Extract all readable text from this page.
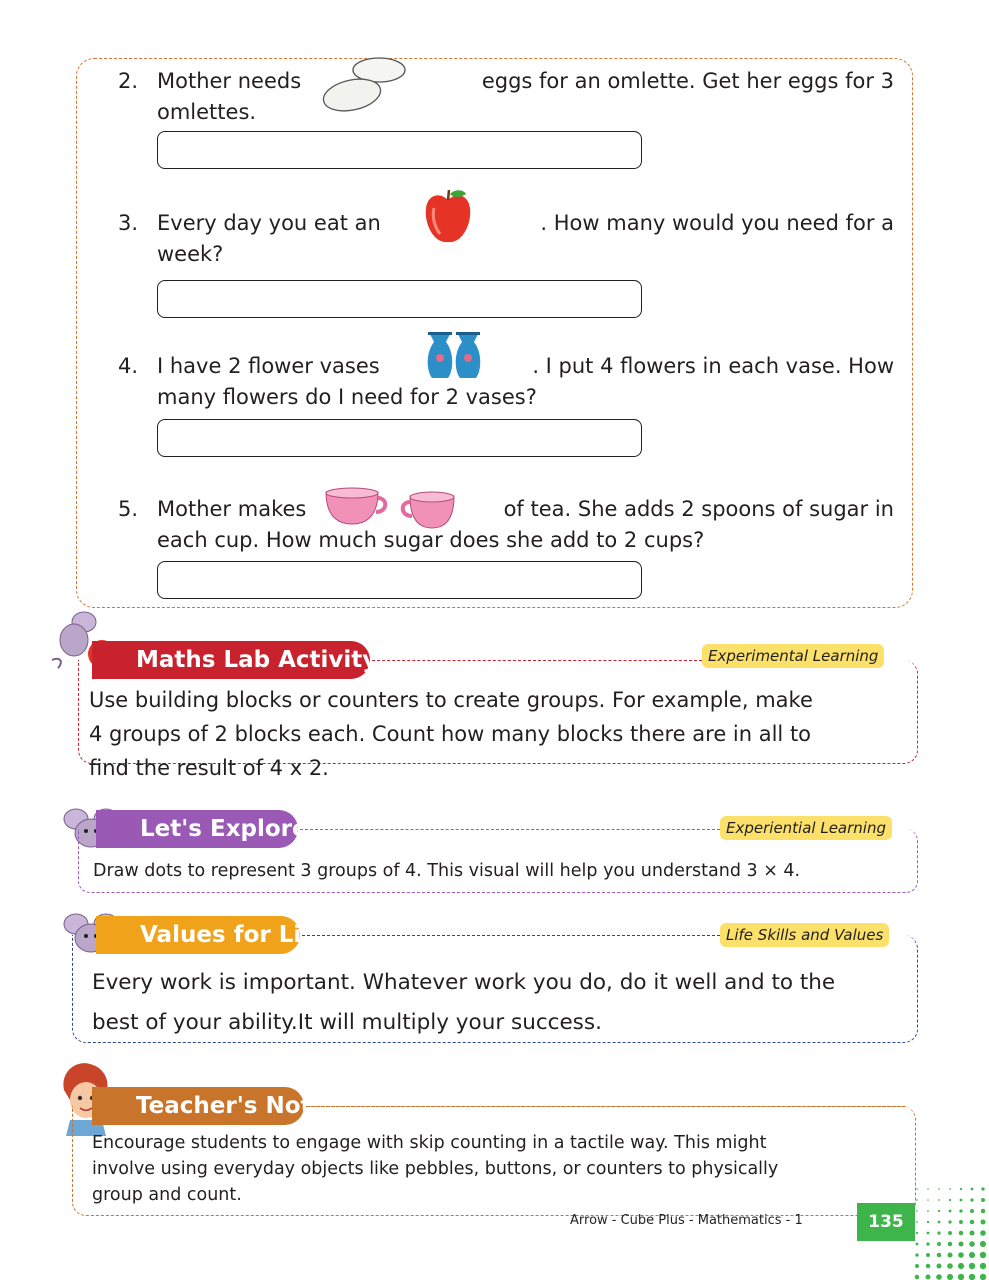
2. Mother needs	eggs for an omlette. Get her eggs for 3
omlettes.
3. Every day you eat an	. How many would you need for a
week?
4. I have 2 flower vases	. I put 4 flowers in each vase. How
many flowers do I need for 2 vases?
5. Mother makes	of tea. She adds 2 spoons of sugar in
each cup. How much sugar does she add to 2 cups?
Maths Lab Activity	Experimental Learning
Use building blocks or counters to create groups. For example, make
4 groups of 2 blocks each. Count how many blocks there are in all to
find the result of 4 x 2.
Let's Explore	Experiential Learning
Draw dots to represent 3 groups of 4. This visual will help you understand 3 × 4.
Values for Life	Life Skills and Values
Every work is important. Whatever work you do, do it well and to the
best of your ability.It will multiply your success.
Teacher's Note
Encourage students to engage with skip counting in a tactile way. This might
involve using everyday objects like pebbles, buttons, or counters to physically
group and count.
Arrow - Cube Plus - Mathematics - 1	135
